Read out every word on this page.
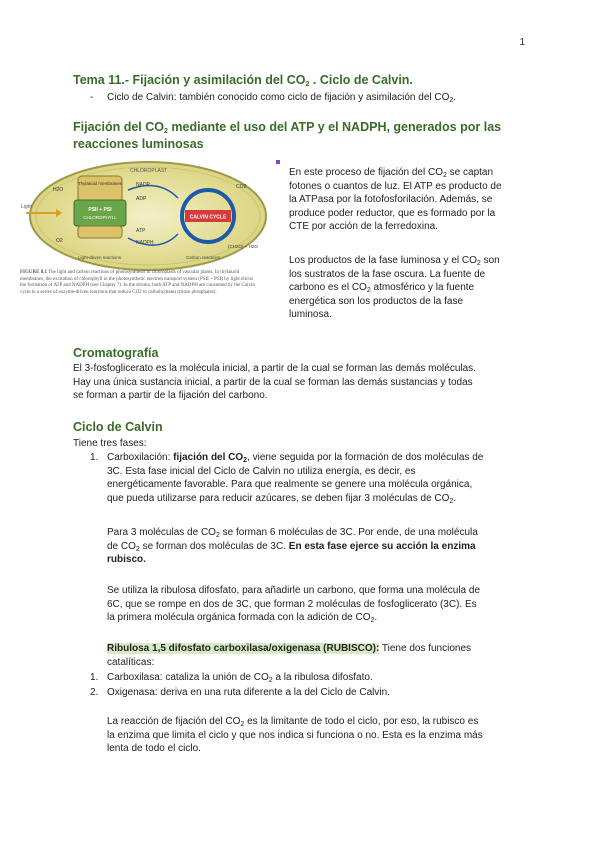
1
Tema 11.- Fijación y asimilación del $CO_2$ . Ciclo de Calvin.
- Ciclo de Calvin: también conocido como ciclo de fijación y asimilación del $CO_2$.
Fijación del $CO_2$ mediante el uso del ATP y el NADPH, generados por las
reacciones luminosas
Light
Thylakoid membranes
PSII + PSI
CHLOROPHYLL	CALVIN CYCLE
NADP
ADP
ATP
NADPH
H2O
O2
CO2
(CH2O) + H2O
CHLOROPLAST
Light-driven reactions	Carbon reactions
FIGURE 8.1 The light and carbon reactions of photosynthesis in chloroplasts of vascular plants. In thylakoid membranes, the excitation of chlorophyll in the photosynthetic electron transport system (PSII + PSI) by light elicits the formation of ATP and NADPH (see Chapter 7). In the stroma, both ATP and NADPH are consumed by the Calvin cycle in a series of enzyme-driven reactions that reduce CO2 to carbohydrates (triose phosphates).
En este proceso de fijación del $CO_2$ se captan
fotones o cuantos de luz. El ATP es producto de
la ATPasa por la fotofosforilación. Además, se
produce poder reductor, que es formado por la
CTE por acción de la ferredoxina.
Los productos de la fase luminosa y el $CO_2$ son
los sustratos de la fase oscura. La fuente de
carbono es el $CO_2$ atmosférico y la fuente
energética son los productos de la fase
luminosa.
Cromatografía
El 3-fosfoglicerato es la molécula inicial, a partir de la cual se forman las demás moléculas.
Hay una única sustancia inicial, a partir de la cual se forman las demás sustancias y todas
se forman a partir de la fijación del carbono.
Ciclo de Calvin
Tiene tres fases:
1. Carboxilación: fijación del $CO_2$, viene seguida por la formación de dos moléculas de
3C. Esta fase inicial del Ciclo de Calvin no utiliza energía, es decir, es
energéticamente favorable. Para que realmente se genere una molécula orgánica,
que pueda utilizarse para reducir azúcares, se deben fijar 3 moléculas de $CO_2$.
Para 3 moléculas de $CO_2$ se forman 6 moléculas de 3C. Por ende, de una molécula
de $CO_2$ se forman dos moléculas de 3C. En esta fase ejerce su acción la enzima
rubisco.
Se utiliza la ribulosa difosfato, para añadirle un carbono, que forma una molécula de
6C, que se rompe en dos de 3C, que forman 2 moléculas de fosfoglicerato (3C). Es
la primera molécula orgánica formada con la adición de $CO_2$.
Ribulosa 1,5 difosfato carboxilasa/oxigenasa (RUBISCO): Tiene dos funciones
catalíticas:
1. Carboxilasa: cataliza la unión de $CO_2$ a la ribulosa difosfato.
2. Oxigenasa: deriva en una ruta diferente a la del Ciclo de Calvin.
La reacción de fijación del $CO_2$ es la limitante de todo el ciclo, por eso, la rubisco es
la enzima que limita el ciclo y que nos indica si funciona o no. Esta es la enzima más
lenta de todo el ciclo.
